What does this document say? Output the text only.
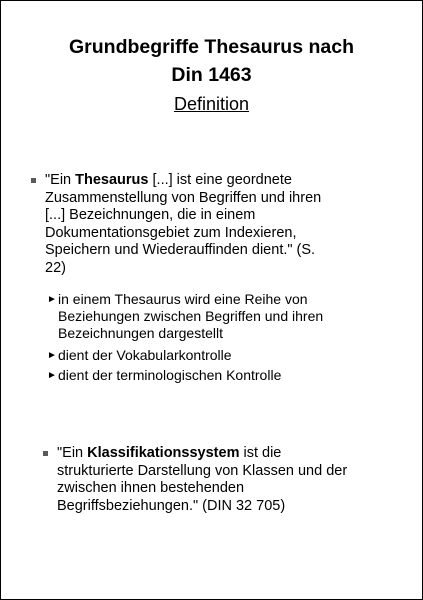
Grundbegriffe Thesaurus nach
Din 1463
Definition
"Ein Thesaurus [...] ist eine geordnete
Zusammenstellung von Begriffen und ihren
[...] Bezeichnungen, die in einem
Dokumentationsgebiet zum Indexieren,
Speichern und Wiederauffinden dient." (S.
22)
► in einem Thesaurus wird eine Reihe von
Beziehungen zwischen Begriffen und ihren
Bezeichnungen dargestellt
► dient der Vokabularkontrolle
► dient der terminologischen Kontrolle
"Ein Klassifikationssystem ist die
strukturierte Darstellung von Klassen und der
zwischen ihnen bestehenden
Begriffsbeziehungen." (DIN 32 705)
